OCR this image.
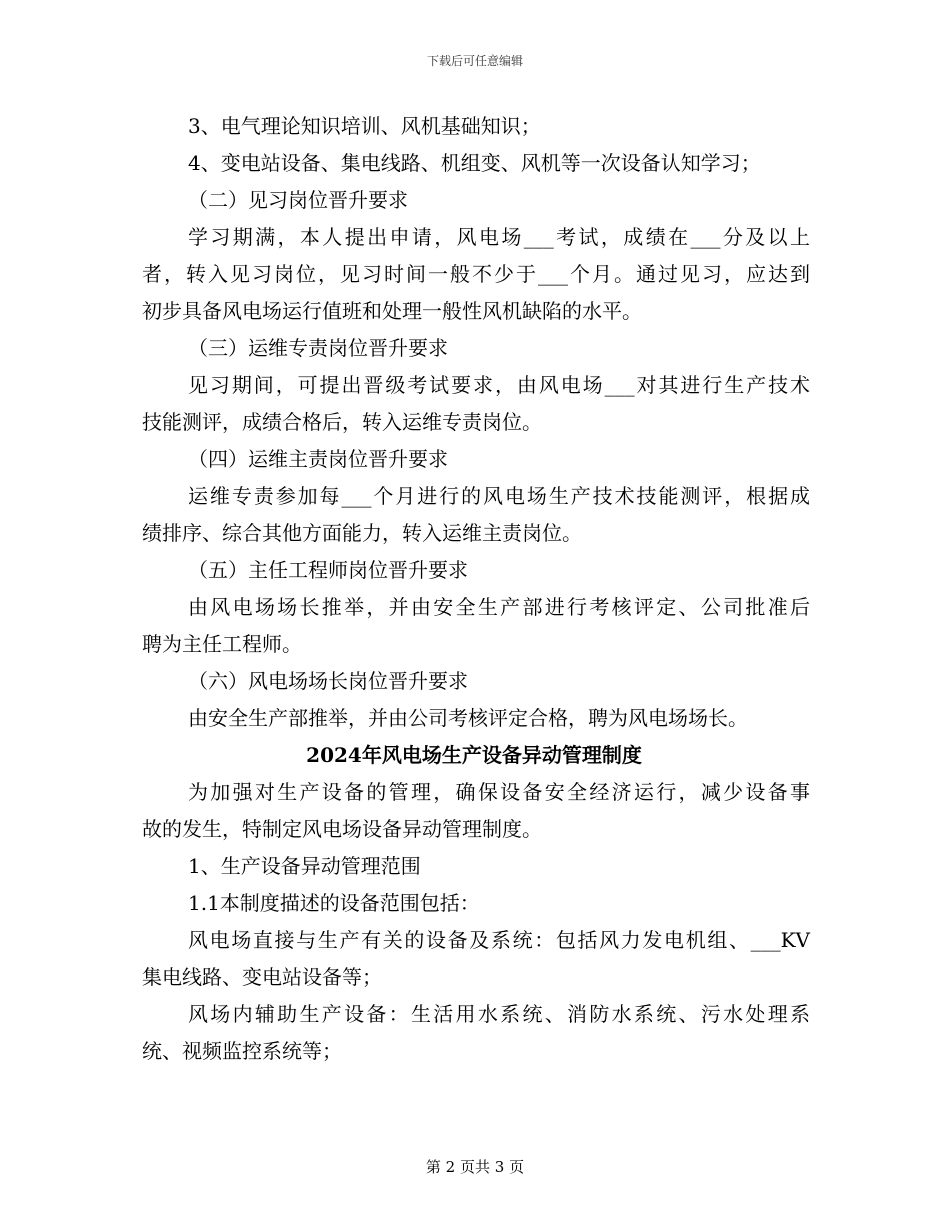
下载后可任意编辑
3、电气理论知识培训、风机基础知识；
4、变电站设备、集电线路、机组变、风机等一次设备认知学习；
（二）见习岗位晋升要求
学习期满，本人提出申请，风电场___考试，成绩在___分及以上
者，转入见习岗位，见习时间一般不少于___个月。通过见习，应达到
初步具备风电场运行值班和处理一般性风机缺陷的水平。
（三）运维专责岗位晋升要求
见习期间，可提出晋级考试要求，由风电场___对其进行生产技术
技能测评，成绩合格后，转入运维专责岗位。
（四）运维主责岗位晋升要求
运维专责参加每___个月进行的风电场生产技术技能测评，根据成
绩排序、综合其他方面能力，转入运维主责岗位。
（五）主任工程师岗位晋升要求
由风电场场长推举，并由安全生产部进行考核评定、公司批准后
聘为主任工程师。
（六）风电场场长岗位晋升要求
由安全生产部推举，并由公司考核评定合格，聘为风电场场长。
2024年风电场生产设备异动管理制度
为加强对生产设备的管理，确保设备安全经济运行，减少设备事
故的发生，特制定风电场设备异动管理制度。
1、生产设备异动管理范围
1.1本制度描述的设备范围包括：
风电场直接与生产有关的设备及系统：包括风力发电机组、___KV
集电线路、变电站设备等；
风场内辅助生产设备：生活用水系统、消防水系统、污水处理系
统、视频监控系统等；
第 2 页共 3 页
